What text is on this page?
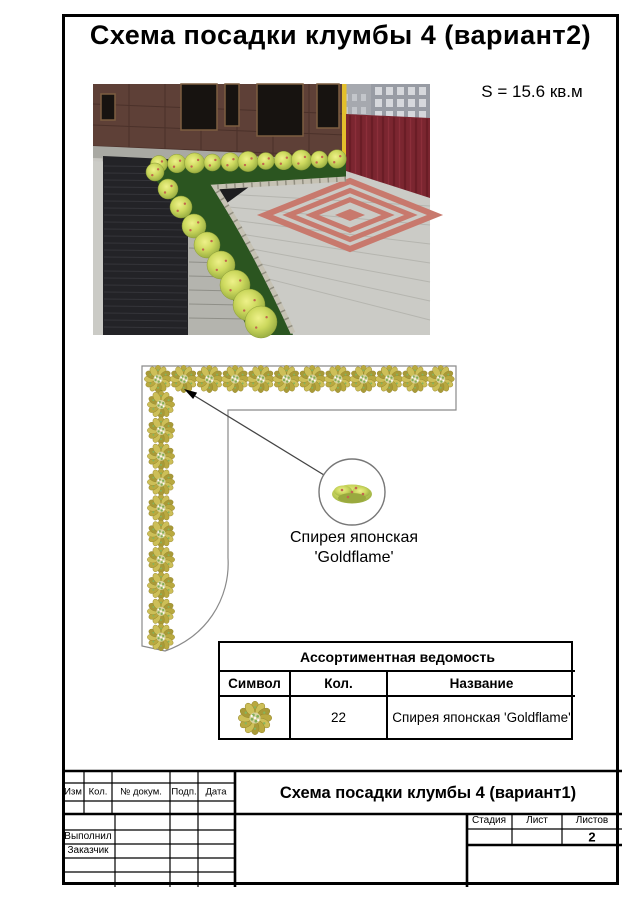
Схема посадки клумбы 4 (вариант2)
S = 15.6 кв.м
Спирея японская
'Goldflame'
Ассортиментная ведомость
Символ	Кол.	Название
22	Спирея японская 'Goldflame'
Изм Кол. № докум. Подп. Дата
Выполнил
Заказчик
Схема посадки клумбы 4 (вариант1)
Стадия Лист	Листов
2
